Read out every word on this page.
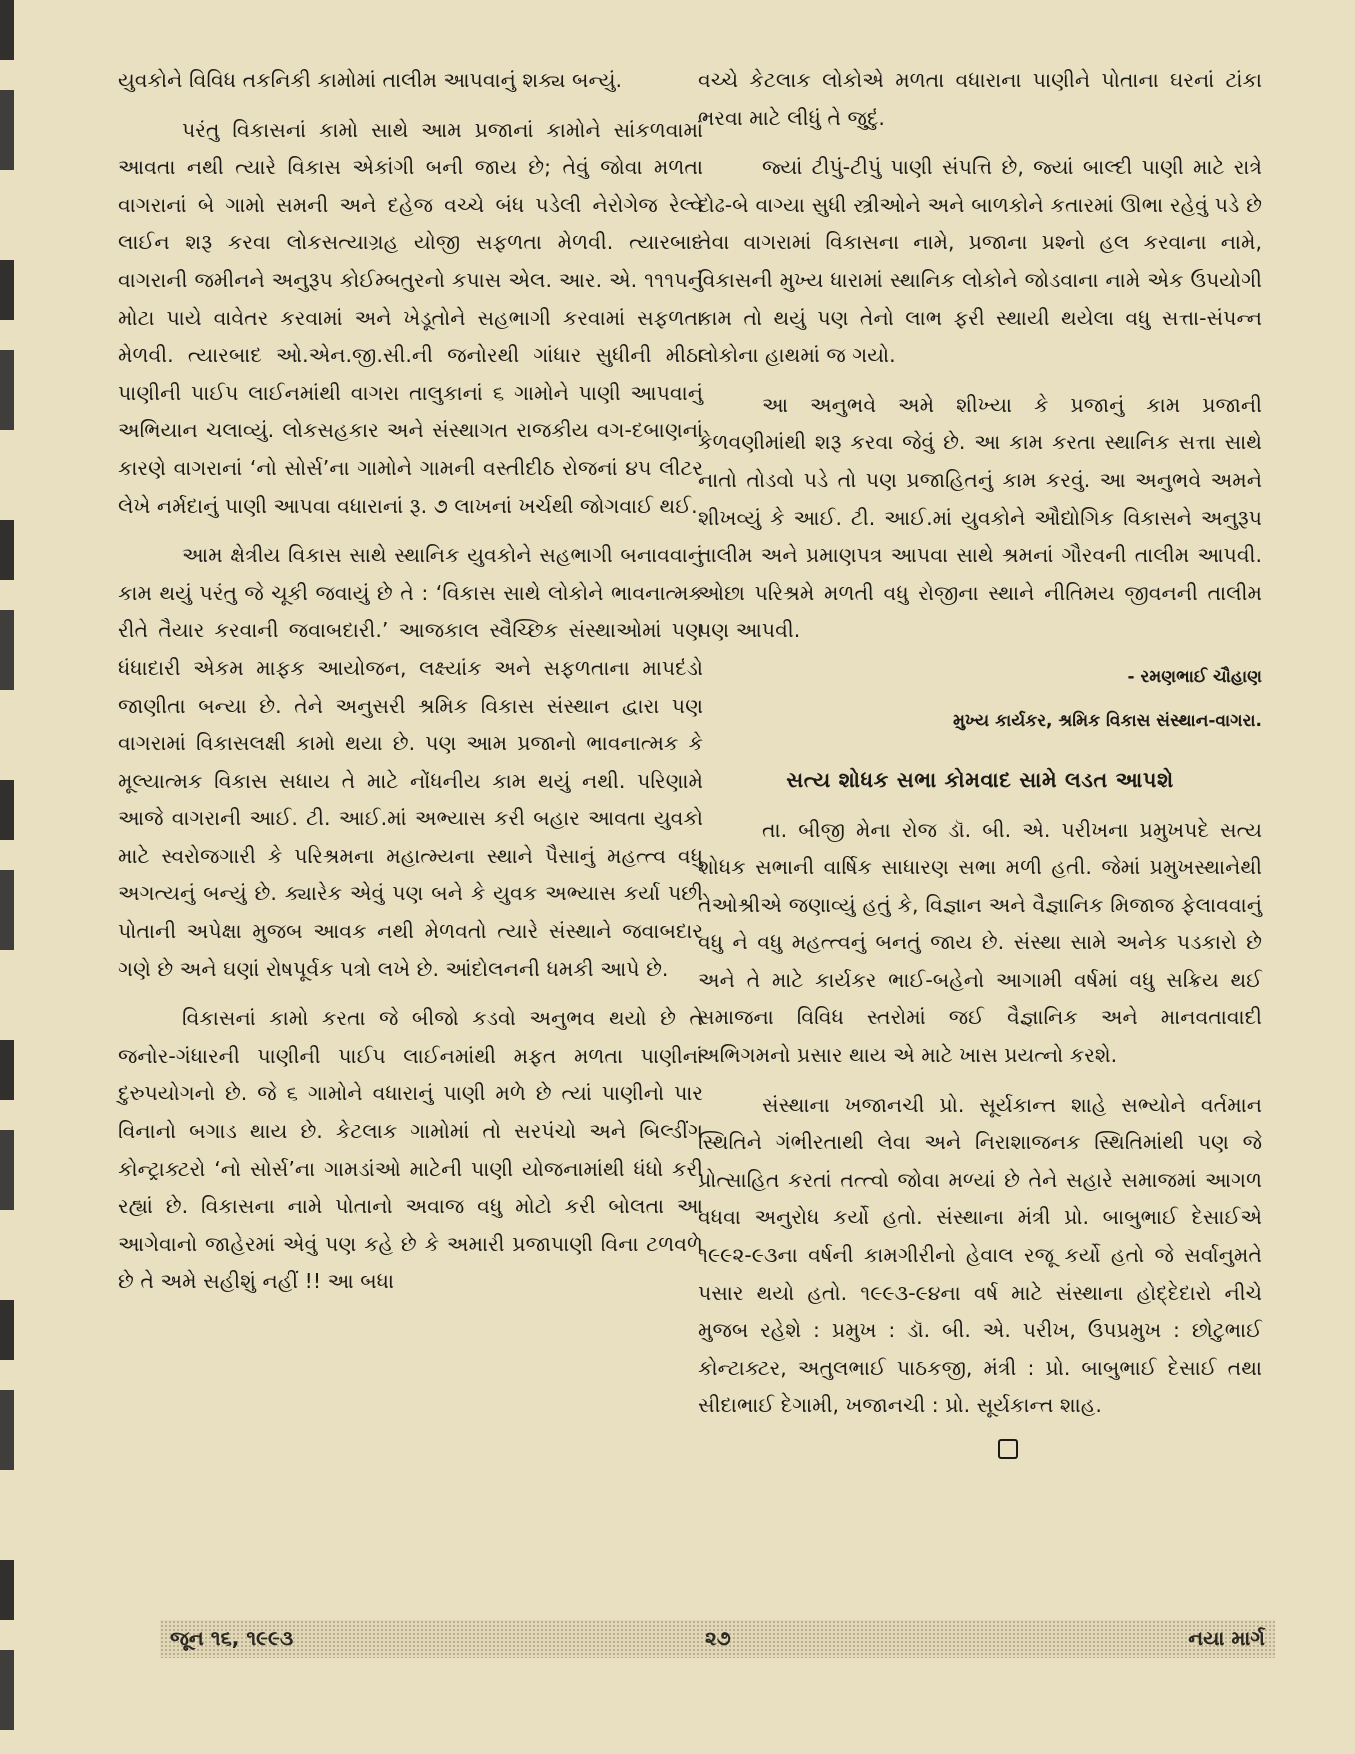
યુવકોને વિવિધ તકનિકી કામોમાં તાલીમ આપવાનું શક્ય બન્યું.

પરંતુ વિકાસનાં કામો સાથે આમ પ્રજાનાં કામોને સાંકળવામાં આવતા નથી ત્યારે વિકાસ એકાંગી બની જાય છે; તેવું જોવા મળતા વાગરાનાં બે ગામો સમની અને દહેજ વચ્ચે બંધ પડેલી નેરોગેજ રેલ્વે લાઈન શરૂ કરવા લોકસત્યાગ્રહ યોજી સફળતા મેળવી. ત્યારબાદ વાગરાની જમીનને અનુરૂપ કોઈમ્બતુરનો કપાસ એલ. આર. એ. ૧૧૧૫નું મોટા પાયે વાવેતર કરવામાં અને ખેડૂતોને સહભાગી કરવામાં સફળતા મેળવી. ત્યારબાદ ઓ.એન.જી.સી.ની જનોરથી ગાંધાર સુધીની મીઠા પાણીની પાઈપ લાઈનમાંથી વાગરા તાલુકાનાં ૬ ગામોને પાણી આપવાનું અભિયાન ચલાવ્યું. લોકસહકાર અને સંસ્થાગત રાજકીય વગ-દબાણનાં કારણે વાગરાનાં ‘નો સોર્સ’ના ગામોને ગામની વસ્તીદીઠ રોજનાં ૪૫ લીટર લેખે નર્મદાનું પાણી આપવા વધારાનાં રૂ. ૭ લાખનાં ખર્ચથી જોગવાઈ થઈ.

આમ ક્ષેત્રીય વિકાસ સાથે સ્થાનિક યુવકોને સહભાગી બનાવવાનું કામ થયું પરંતુ જે ચૂકી જવાયું છે તે : ‘વિકાસ સાથે લોકોને ભાવનાત્મક રીતે તૈયાર કરવાની જવાબદારી.’ આજકાલ સ્વૈચ્છિક સંસ્થાઓમાં પણ ધંધાદારી એકમ માફક આયોજન, લક્ષ્યાંક અને સફળતાના માપદંડો જાણીતા બન્યા છે. તેને અનુસરી શ્રમિક વિકાસ સંસ્થાન દ્વારા પણ વાગરામાં વિકાસલક્ષી કામો થયા છે. પણ આમ પ્રજાનો ભાવનાત્મક કે મૂલ્યાત્મક વિકાસ સધાય તે માટે નોંધનીય કામ થયું નથી. પરિણામે આજે વાગરાની આઈ. ટી. આઈ.માં અભ્યાસ કરી બહાર આવતા યુવકો માટે સ્વરોજગારી કે પરિશ્રમના મહાત્મ્યના સ્થાને પૈસાનું મહત્ત્વ વધુ અગત્યનું બન્યું છે. ક્યારેક એવું પણ બને કે યુવક અભ્યાસ કર્યા પછી પોતાની અપેક્ષા મુજબ આવક નથી મેળવતો ત્યારે સંસ્થાને જવાબદાર ગણે છે અને ઘણાં રોષપૂર્વક પત્રો લખે છે. આંદોલનની ધમકી આપે છે.

વિકાસનાં કામો કરતા જે બીજો કડવો અનુભવ થયો છે તે જનોર-ગંધારની પાણીની પાઈપ લાઈનમાંથી મફત મળતા પાણીનાં દુરુપયોગનો છે. જે ૬ ગામોને વધારાનું પાણી મળે છે ત્યાં પાણીનો પાર વિનાનો બગાડ થાય છે. કેટલાક ગામોમાં તો સરપંચો અને બિલ્ડીંગ કોન્ટ્રાક્ટરો ‘નો સોર્સ’ના ગામડાંઓ માટેની પાણી યોજનામાંથી ધંધો કરી રહ્યાં છે. વિકાસના નામે પોતાનો અવાજ વધુ મોટો કરી બોલતા આ આગેવાનો જાહેરમાં એવું પણ કહે છે કે અમારી પ્રજાપાણી વિના ટળવળે છે તે અમે સહીશું નહીં !! આ બધા

વચ્ચે કેટલાક લોકોએ મળતા વધારાના પાણીને પોતાના ઘરનાં ટાંકા ભરવા માટે લીધું તે જુદું.

જ્યાં ટીપું-ટીપું પાણી સંપત્તિ છે, જ્યાં બાલ્દી પાણી માટે રાત્રે દોઢ-બે વાગ્યા સુધી સ્ત્રીઓને અને બાળકોને કતારમાં ઊભા રહેવું પડે છે તેવા વાગરામાં વિકાસના નામે, પ્રજાના પ્રશ્નો હલ કરવાના નામે, વિકાસની મુખ્ય ધારામાં સ્થાનિક લોકોને જોડવાના નામે એક ઉપયોગી કામ તો થયું પણ તેનો લાભ ફરી સ્થાયી થયેલા વધુ સત્તા-સંપન્ન લોકોના હાથમાં જ ગયો.

આ અનુભવે અમે શીખ્યા કે પ્રજાનું કામ પ્રજાની કેળવણીમાંથી શરૂ કરવા જેવું છે. આ કામ કરતા સ્થાનિક સત્તા સાથે નાતો તોડવો પડે તો પણ પ્રજાહિતનું કામ કરવું. આ અનુભવે અમને શીખવ્યું કે આઈ. ટી. આઈ.માં યુવકોને ઔદ્યોગિક વિકાસને અનુરૂપ તાલીમ અને પ્રમાણપત્ર આપવા સાથે શ્રમનાં ગૌરવની તાલીમ આપવી. ઓછા પરિશ્રમે મળતી વધુ રોજીના સ્થાને નીતિમય જીવનની તાલીમ પણ આપવી.

- રમણભાઈ ચૌહાણ

મુખ્ય કાર્યકર, શ્રમિક વિકાસ સંસ્થાન-વાગરા.

સત્ય શોધક સભા કોમવાદ સામે લડત આપશે

તા. બીજી મેના રોજ ડૉ. બી. એ. પરીખના પ્રમુખપદે સત્ય શોધક સભાની વાર્ષિક સાધારણ સભા મળી હતી. જેમાં પ્રમુખસ્થાનેથી તેઓશ્રીએ જણાવ્યું હતું કે, વિજ્ઞાન અને વૈજ્ઞાનિક મિજાજ ફેલાવવાનું વધુ ને વધુ મહત્ત્વનું બનતું જાય છે. સંસ્થા સામે અનેક પડકારો છે અને તે માટે કાર્યકર ભાઈ-બહેનો આગામી વર્ષમાં વધુ સક્રિય થઈ સમાજના વિવિધ સ્તરોમાં જઈ વૈજ્ઞાનિક અને માનવતાવાદી અભિગમનો પ્રસાર થાય એ માટે ખાસ પ્રયત્નો કરશે.

સંસ્થાના ખજાનચી પ્રો. સૂર્યકાન્ત શાહે સભ્યોને વર્તમાન સ્થિતિને ગંભીરતાથી લેવા અને નિરાશાજનક સ્થિતિમાંથી પણ જે પ્રોત્સાહિત કરતાં તત્ત્વો જોવા મળ્યાં છે તેને સહારે સમાજમાં આગળ વધવા અનુરોધ કર્યો હતો. સંસ્થાના મંત્રી પ્રો. બાબુભાઈ દેસાઈએ ૧૯૯૨-૯૩ના વર્ષની કામગીરીનો હેવાલ રજૂ કર્યો હતો જે સર્વાનુમતે પસાર થયો હતો. ૧૯૯૩-૯૪ના વર્ષ માટે સંસ્થાના હોદ્દેદારો નીચે મુજબ રહેશે : પ્રમુખ : ડૉ. બી. એ. પરીખ, ઉપપ્રમુખ : છોટુભાઈ કોન્ટાક્ટર, અતુલભાઈ પાઠકજી, મંત્રી : પ્રો. બાબુભાઈ દેસાઈ તથા સીદાભાઈ દેગામી, ખજાનચી : પ્રો. સૂર્યકાન્ત શાહ.

જૂન ૧૬, ૧૯૯૩	૨૭	નયા માર્ગ
